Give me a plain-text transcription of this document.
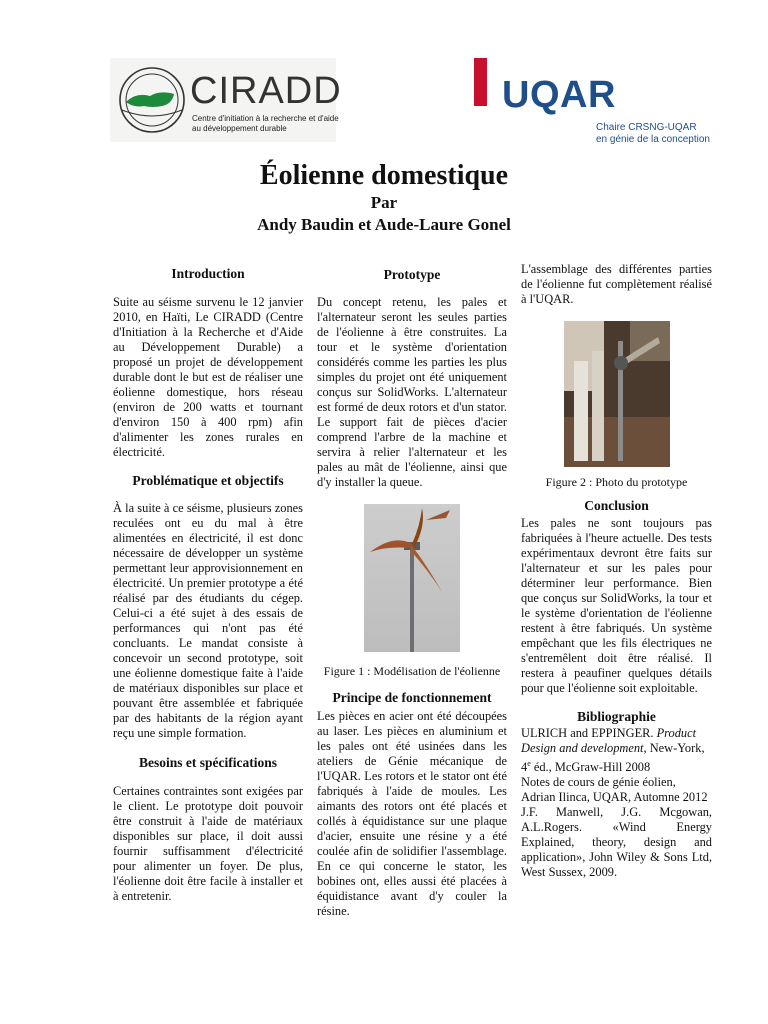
CIRADD
Centre d'initiation à la recherche et d'aide au développement durable
UQAR
Chaire CRSNG-UQAR
en génie de la conception
Éolienne domestique
Par
Andy Baudin et Aude-Laure Gonel
Introduction

Suite au séisme survenu le 12 janvier 2010, en Haïti, Le CIRADD (Centre d'Initiation à la Recherche et d'Aide au Développement Durable) a proposé un projet de développement durable dont le but est de réaliser une éolienne domestique, hors réseau (environ de 200 watts et tournant d'environ 150 à 400 rpm) afin d'alimenter les zones rurales en électricité.

Problématique et objectifs

À la suite à ce séisme, plusieurs zones reculées ont eu du mal à être alimentées en électricité, il est donc nécessaire de développer un système permettant leur approvisionnement en électricité. Un premier prototype a été réalisé par des étudiants du cégep. Celui-ci a été sujet à des essais de performances qui n'ont pas été concluants. Le mandat consiste à concevoir un second prototype, soit une éolienne domestique faite à l'aide de matériaux disponibles sur place et pouvant être assemblée et fabriquée par des habitants de la région ayant reçu une simple formation.

Besoins et spécifications

Certaines contraintes sont exigées par le client. Le prototype doit pouvoir être construit à l'aide de matériaux disponibles sur place, il doit aussi fournir suffisamment d'électricité pour alimenter un foyer. De plus, l'éolienne doit être facile à installer et à entretenir.

Prototype

Du concept retenu, les pales et l'alternateur seront les seules parties de l'éolienne à être construites. La tour et le système d'orientation considérés comme les parties les plus simples du projet ont été uniquement conçus sur SolidWorks. L'alternateur est formé de deux rotors et d'un stator. Le support fait de pièces d'acier comprend l'arbre de la machine et servira à relier l'alternateur et les pales au mât de l'éolienne, ainsi que d'y installer la queue.

Figure 1 : Modélisation de l'éolienne
Principe de fonctionnement

Les pièces en acier ont été découpées au laser. Les pièces en aluminium et les pales ont été usinées dans les ateliers de Génie mécanique de l'UQAR. Les rotors et le stator ont été fabriqués à l'aide de moules. Les aimants des rotors ont été placés et collés à équidistance sur une plaque d'acier, ensuite une résine y a été coulée afin de solidifier l'assemblage. En ce qui concerne le stator, les bobines ont, elles aussi été placées à équidistance avant d'y couler la résine.

L'assemblage des différentes parties de l'éolienne fut complètement réalisé à l'UQAR.

Figure 2 : Photo du prototype
Conclusion

Les pales ne sont toujours pas fabriquées à l'heure actuelle. Des tests expérimentaux devront être faits sur l'alternateur et sur les pales pour déterminer leur performance. Bien que conçus sur SolidWorks, la tour et le système d'orientation de l'éolienne restent à être fabriqués. Un système empêchant que les fils électriques ne s'entremêlent doit être réalisé. Il restera à peaufiner quelques détails pour que l'éolienne soit exploitable.

Bibliographie

ULRICH and EPPINGER. Product Design and development, New-York, 4e éd., McGraw-Hill 2008

Notes de cours de génie éolien, Adrian Ilinca, UQAR, Automne 2012

J.F. Manwell, J.G. Mcgowan, A.L.Rogers. «Wind Energy Explained, theory, design and application», John Wiley & Sons Ltd, West Sussex, 2009.
